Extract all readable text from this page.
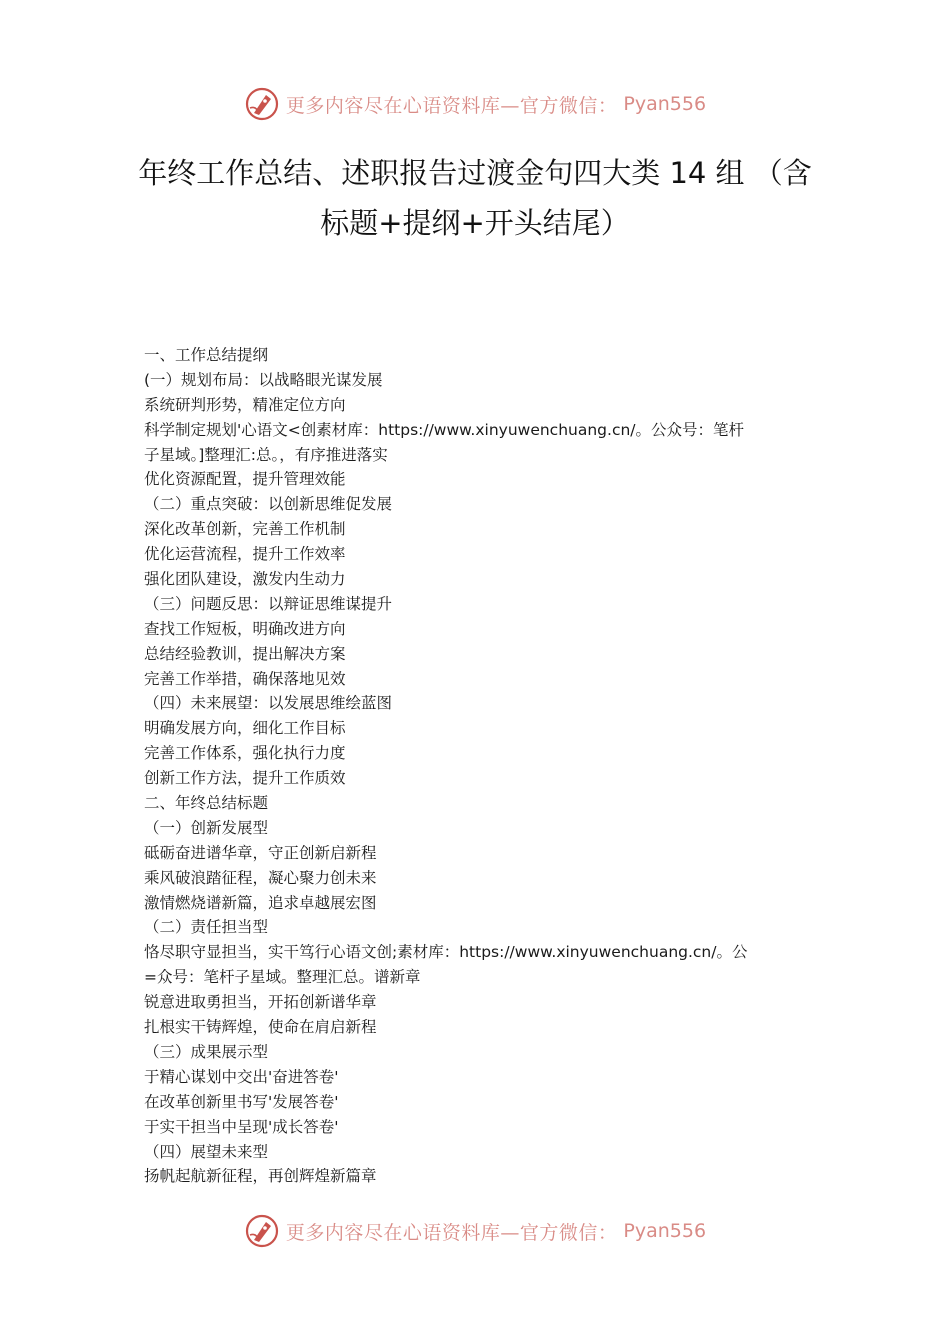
更多内容尽在心语资料库—官方微信： Pyan556
年终工作总结、述职报告过渡金句四大类 14 组 （含
标题+提纲+开头结尾）
一、工作总结提纲
(一）规划布局：以战略眼光谋发展
系统研判形势，精准定位方向
科学制定规划'心语文<创素材库：https://www.xinyuwenchuang.cn/。公众号：笔杆
子星域。]整理汇:总。，有序推进落实
优化资源配置，提升管理效能
（二）重点突破：以创新思维促发展
深化改革创新，完善工作机制
优化运营流程，提升工作效率
强化团队建设，激发内生动力
（三）问题反思：以辩证思维谋提升
查找工作短板，明确改进方向
总结经验教训，提出解决方案
完善工作举措，确保落地见效
（四）未来展望：以发展思维绘蓝图
明确发展方向，细化工作目标
完善工作体系，强化执行力度
创新工作方法，提升工作质效
二、年终总结标题
（一）创新发展型
砥砺奋进谱华章，守正创新启新程
乘风破浪踏征程，凝心聚力创未来
激情燃烧谱新篇，追求卓越展宏图
（二）责任担当型
恪尽职守显担当，实干笃行心语文创;素材库：https://www.xinyuwenchuang.cn/。公
=众号：笔杆子星域。整理汇总。谱新章
锐意进取勇担当，开拓创新谱华章
扎根实干铸辉煌，使命在肩启新程
（三）成果展示型
于精心谋划中交出'奋进答卷'
在改革创新里书写'发展答卷'
于实干担当中呈现'成长答卷'
（四）展望未来型
扬帆起航新征程，再创辉煌新篇章
更多内容尽在心语资料库—官方微信： Pyan556
